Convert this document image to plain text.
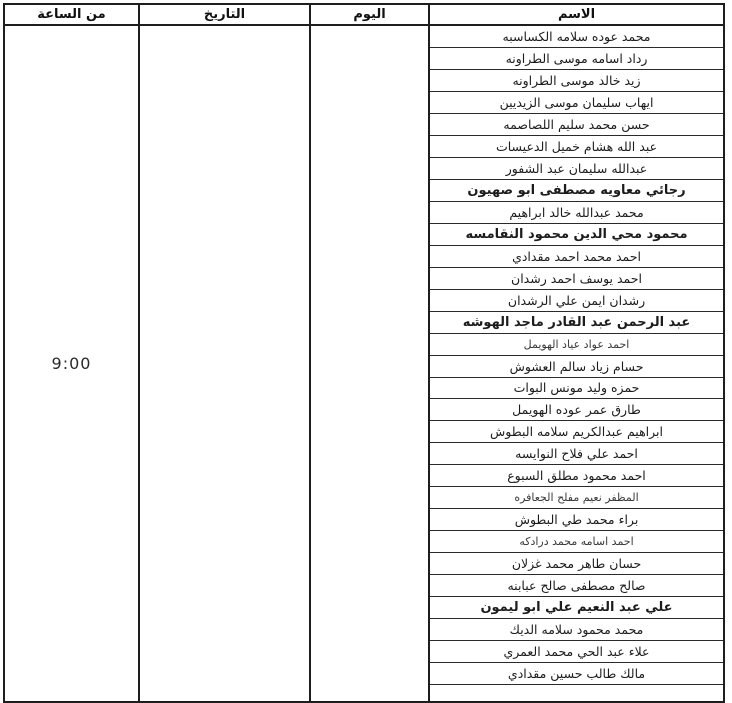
من الساعة
9:00
التاريخ	اليوم	الاسم
محمد عوده سلامه الكساسبه
رداد اسامه موسى الطراونه
زيد خالد موسى الطراونه
ايهاب سليمان موسى الزيديين
حسن محمد سليم اللصاصمه
عبد الله هشام خميل الدعيسات
عبدالله سليمان عبد الشفور
رجائي معاويه مصطفى ابو صهيون
محمد عبدالله خالد ابراهيم
محمود محي الدين محمود النقامسه
احمد محمد احمد مقدادي
احمد يوسف احمد رشدان
رشدان ايمن علي الرشدان
عبد الرحمن عبد القادر ماجد الهوشه
احمد عواد عياد الهويمل
حسام زياد سالم العشوش
حمزه وليد مونس البوات
طارق عمر عوده الهويمل
ابراهيم عبدالكريم سلامه البطوش
احمد علي فلاح النوايسه
احمد محمود مطلق السبوع
المظفر نعيم مفلح الجعافره
براء محمد طي البطوش
احمد اسامه محمد درادكه
حسان طاهر محمد غزلان
صالح مصطفى صالح عبابنه
علي عبد النعيم علي ابو ليمون
محمد محمود سلامه الديك
علاء عبد الحي محمد العمري
مالك طالب حسين مقدادي
